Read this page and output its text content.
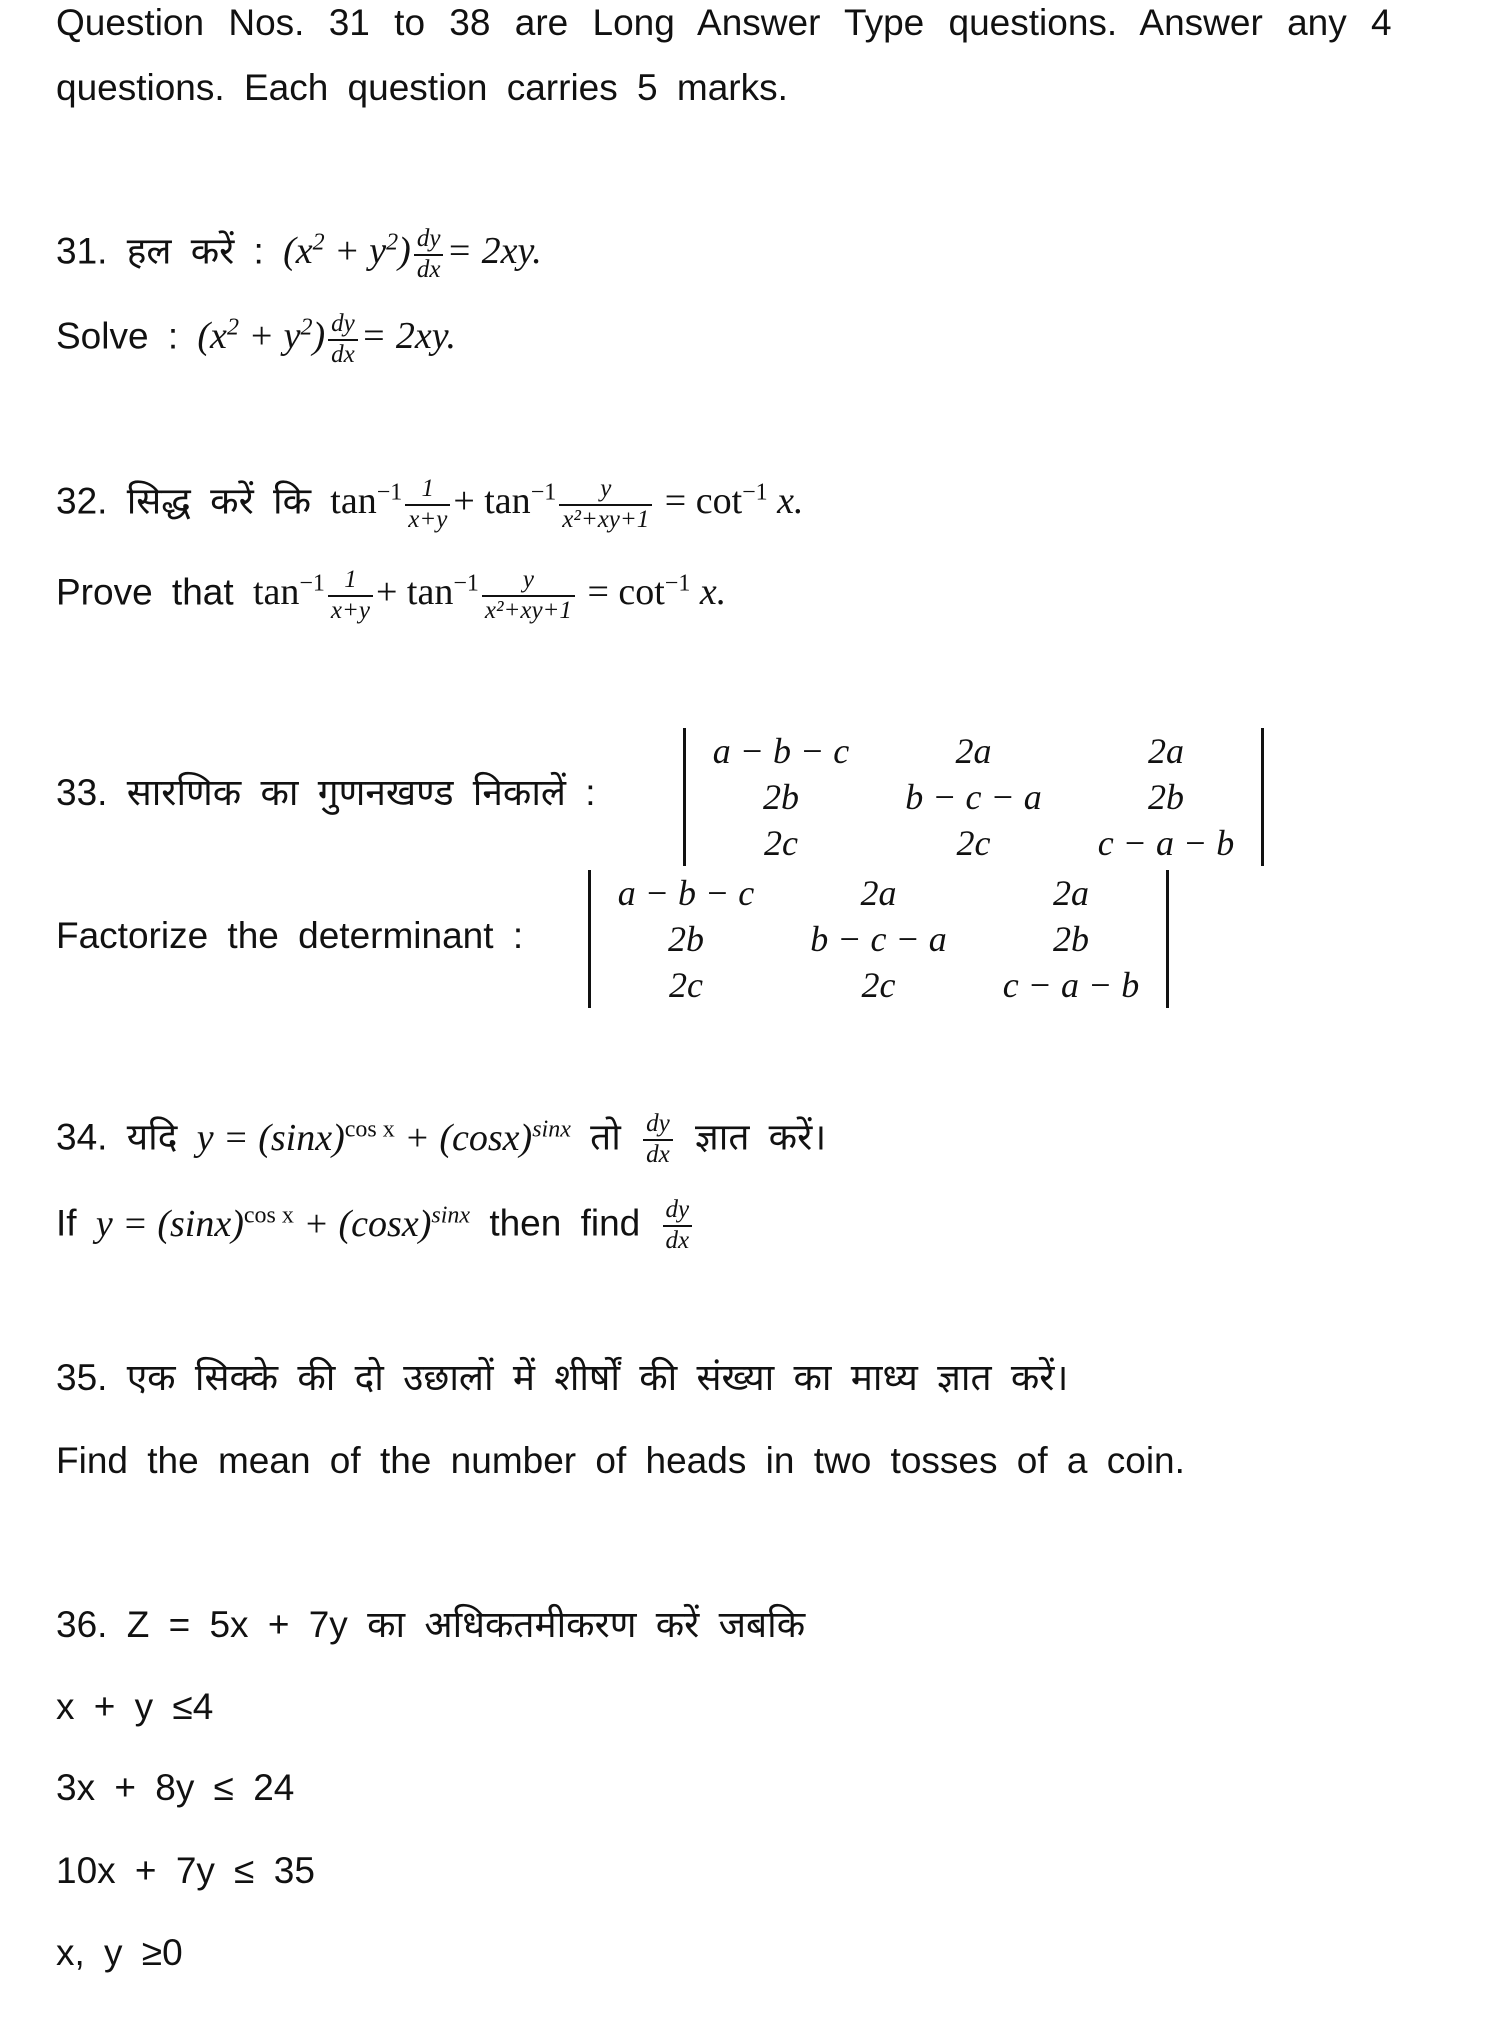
Question Nos. 31 to 38 are Long Answer Type questions. Answer any 4
questions. Each question carries 5 marks.
31. हल करें : $(x^2 + y^2) \frac{dy}{dx} = 2xy$.
Solve : $(x^2 + y^2) \frac{dy}{dx} = 2xy$.
32. सिद्ध करें कि $\tan^{-1} \frac{1}{x+y} + \tan^{-1} \frac{y}{\text{x²+xy+1}} = \cot^{-1} x$.
Prove that $\tan^{-1} \frac{1}{x+y} + \tan^{-1} \frac{y}{\text{x²+xy+1}} = \cot^{-1} x$.
33. सारणिक का गुणनखण्ड निकालें :
a − b − c	2a	2a
2b	b − c − a	2b
2c	2c	c − a − b
Factorize the determinant :
a − b − c	2a	2a
2b	b − c − a	2b
2c	2c	c − a − b
34. यदि $y = (\sin x)^{cos x} + (\cos x)^{sinx}$ तो $\frac{dy}{dx}$ ज्ञात करें।
If $y = (\sin x)^{cos x} + (\cos x)^{sinx}$ then find $\frac{dy}{dx}$
35. एक सिक्के की दो उछालों में शीर्षों की संख्या का माध्य ज्ञात करें।
Find the mean of the number of heads in two tosses of a coin.
36. Z = 5x + 7y का अधिकतमीकरण करें जबकि
x + y ≤4
3x + 8y ≤ 24
10x + 7y ≤ 35
x, y ≥0
